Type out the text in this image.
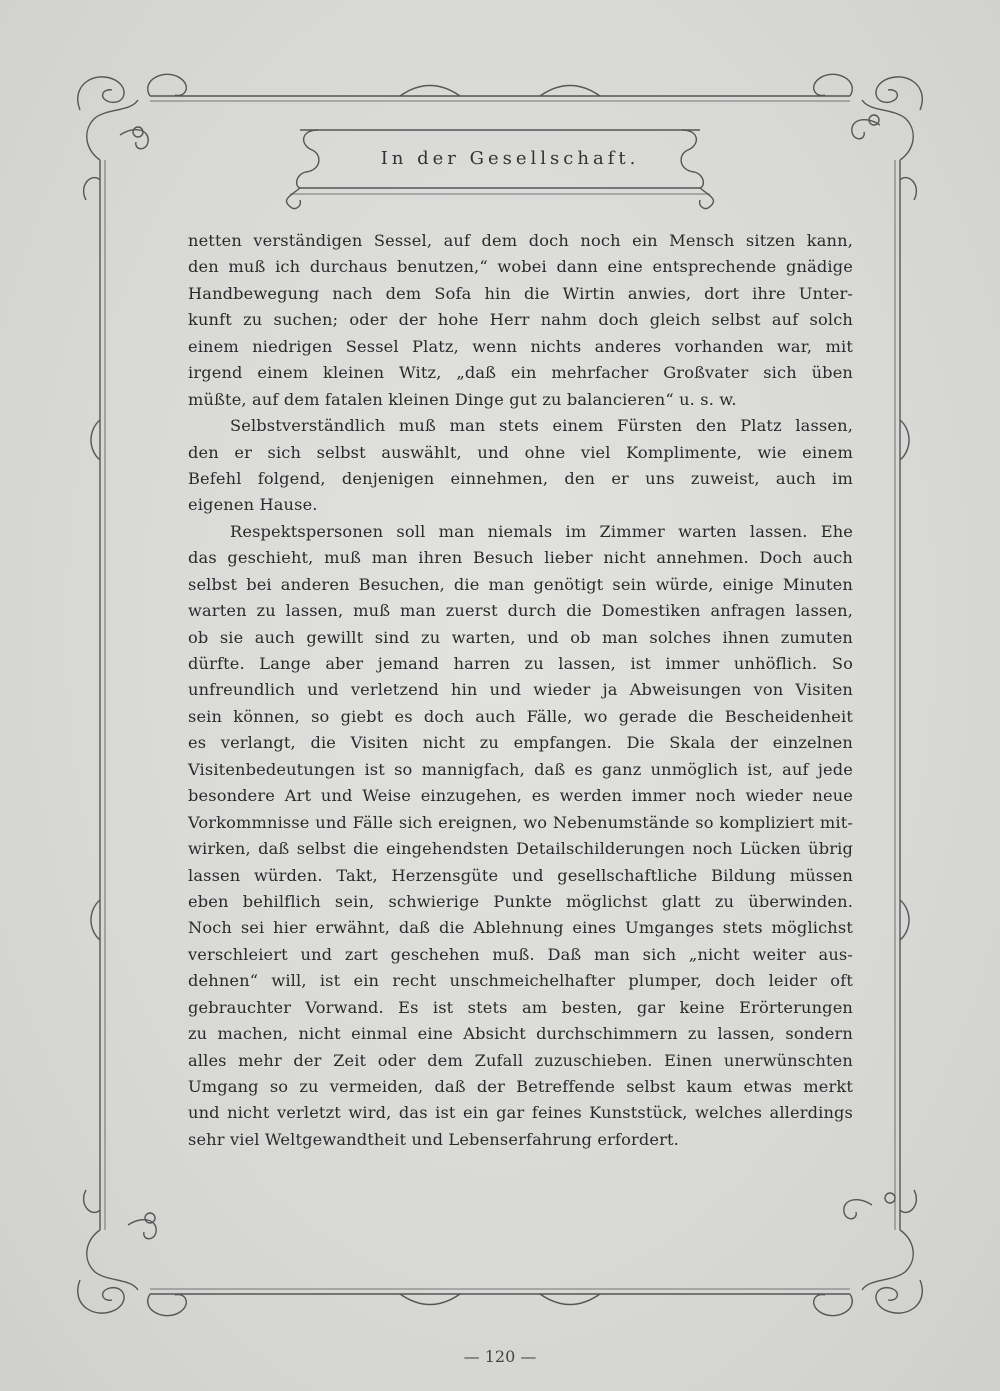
In der Gesellschaft.
netten verständigen Sessel, auf dem doch noch ein Mensch sitzen kann,
den muß ich durchaus benutzen,“ wobei dann eine entsprechende gnädige
Handbewegung nach dem Sofa hin die Wirtin anwies, dort ihre Unter-
kunft zu suchen; oder der hohe Herr nahm doch gleich selbst auf solch
einem niedrigen Sessel Platz, wenn nichts anderes vorhanden war, mit
irgend einem kleinen Witz, „daß ein mehrfacher Großvater sich üben
müßte, auf dem fatalen kleinen Dinge gut zu balancieren“ u. s. w.
Selbstverständlich muß man stets einem Fürsten den Platz lassen,
den er sich selbst auswählt, und ohne viel Komplimente, wie einem
Befehl folgend, denjenigen einnehmen, den er uns zuweist, auch im
eigenen Hause.
Respektspersonen soll man niemals im Zimmer warten lassen. Ehe
das geschieht, muß man ihren Besuch lieber nicht annehmen. Doch auch
selbst bei anderen Besuchen, die man genötigt sein würde, einige Minuten
warten zu lassen, muß man zuerst durch die Domestiken anfragen lassen,
ob sie auch gewillt sind zu warten, und ob man solches ihnen zumuten
dürfte. Lange aber jemand harren zu lassen, ist immer unhöflich. So
unfreundlich und verletzend hin und wieder ja Abweisungen von Visiten
sein können, so giebt es doch auch Fälle, wo gerade die Bescheidenheit
es verlangt, die Visiten nicht zu empfangen. Die Skala der einzelnen
Visitenbedeutungen ist so mannigfach, daß es ganz unmöglich ist, auf jede
besondere Art und Weise einzugehen, es werden immer noch wieder neue
Vorkommnisse und Fälle sich ereignen, wo Nebenumstände so kompliziert mit-
wirken, daß selbst die eingehendsten Detailschilderungen noch Lücken übrig
lassen würden. Takt, Herzensgüte und gesellschaftliche Bildung müssen
eben behilflich sein, schwierige Punkte möglichst glatt zu überwinden.
Noch sei hier erwähnt, daß die Ablehnung eines Umganges stets möglichst
verschleiert und zart geschehen muß. Daß man sich „nicht weiter aus-
dehnen“ will, ist ein recht unschmeichelhafter plumper, doch leider oft
gebrauchter Vorwand. Es ist stets am besten, gar keine Erörterungen
zu machen, nicht einmal eine Absicht durchschimmern zu lassen, sondern
alles mehr der Zeit oder dem Zufall zuzuschieben. Einen unerwünschten
Umgang so zu vermeiden, daß der Betreffende selbst kaum etwas merkt
und nicht verletzt wird, das ist ein gar feines Kunststück, welches allerdings
sehr viel Weltgewandtheit und Lebenserfahrung erfordert.
— 120 —
